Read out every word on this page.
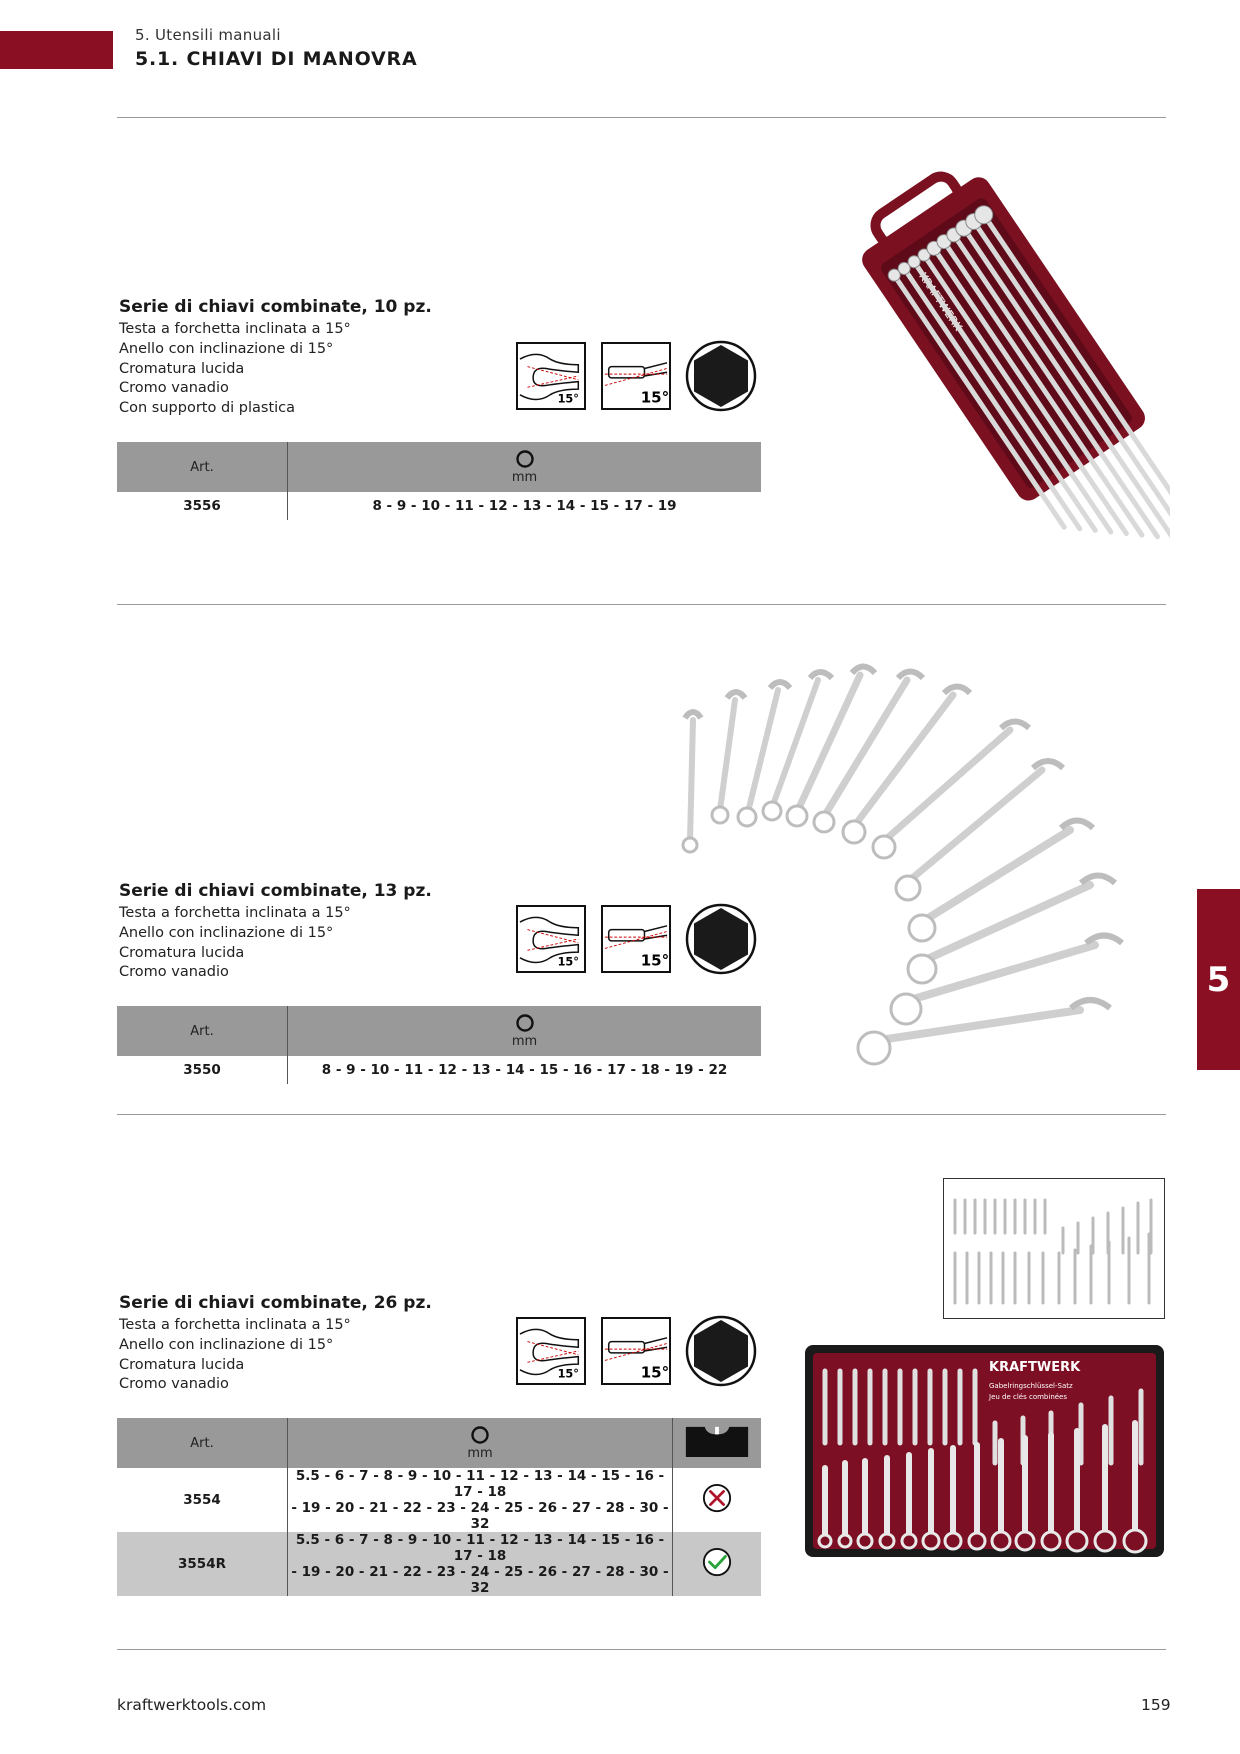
5. Utensili manuali
5.1. CHIAVI DI MANOVRA
5
Serie di chiavi combinate, 10 pz.
Testa a forchetta inclinata a 15°
Anello con inclinazione di 15°
Cromatura lucida
Cromo vanadio
Con supporto di plastica
15°	15°
Art.	mm

3556	8 - 9 - 10 - 11 - 12 - 13 - 14 - 15 - 17 - 19
Serie di chiavi combinate, 13 pz.
Testa a forchetta inclinata a 15°
Anello con inclinazione di 15°
Cromatura lucida
Cromo vanadio
15°	15°
Art.	mm

3550	8 - 9 - 10 - 11 - 12 - 13 - 14 - 15 - 16 - 17 - 18 - 19 - 22
Serie di chiavi combinate, 26 pz.
Testa a forchetta inclinata a 15°
Anello con inclinazione di 15°
Cromatura lucida
Cromo vanadio
15°	15°
Art.	mm

3554	5.5 - 6 - 7 - 8 - 9 - 10 - 11 - 12 - 13 - 14 - 15 - 16 - 17 - 18
- 19 - 20 - 21 - 22 - 23 - 24 - 25 - 26 - 27 - 28 - 30 - 32

3554R	5.5 - 6 - 7 - 8 - 9 - 10 - 11 - 12 - 13 - 14 - 15 - 16 - 17 - 18
- 19 - 20 - 21 - 22 - 23 - 24 - 25 - 26 - 27 - 28 - 30 - 32

KRAFTWERK
Gabelringschlüssel-Satz
Jeu de clés combinées
kraftwerktools.com	159
